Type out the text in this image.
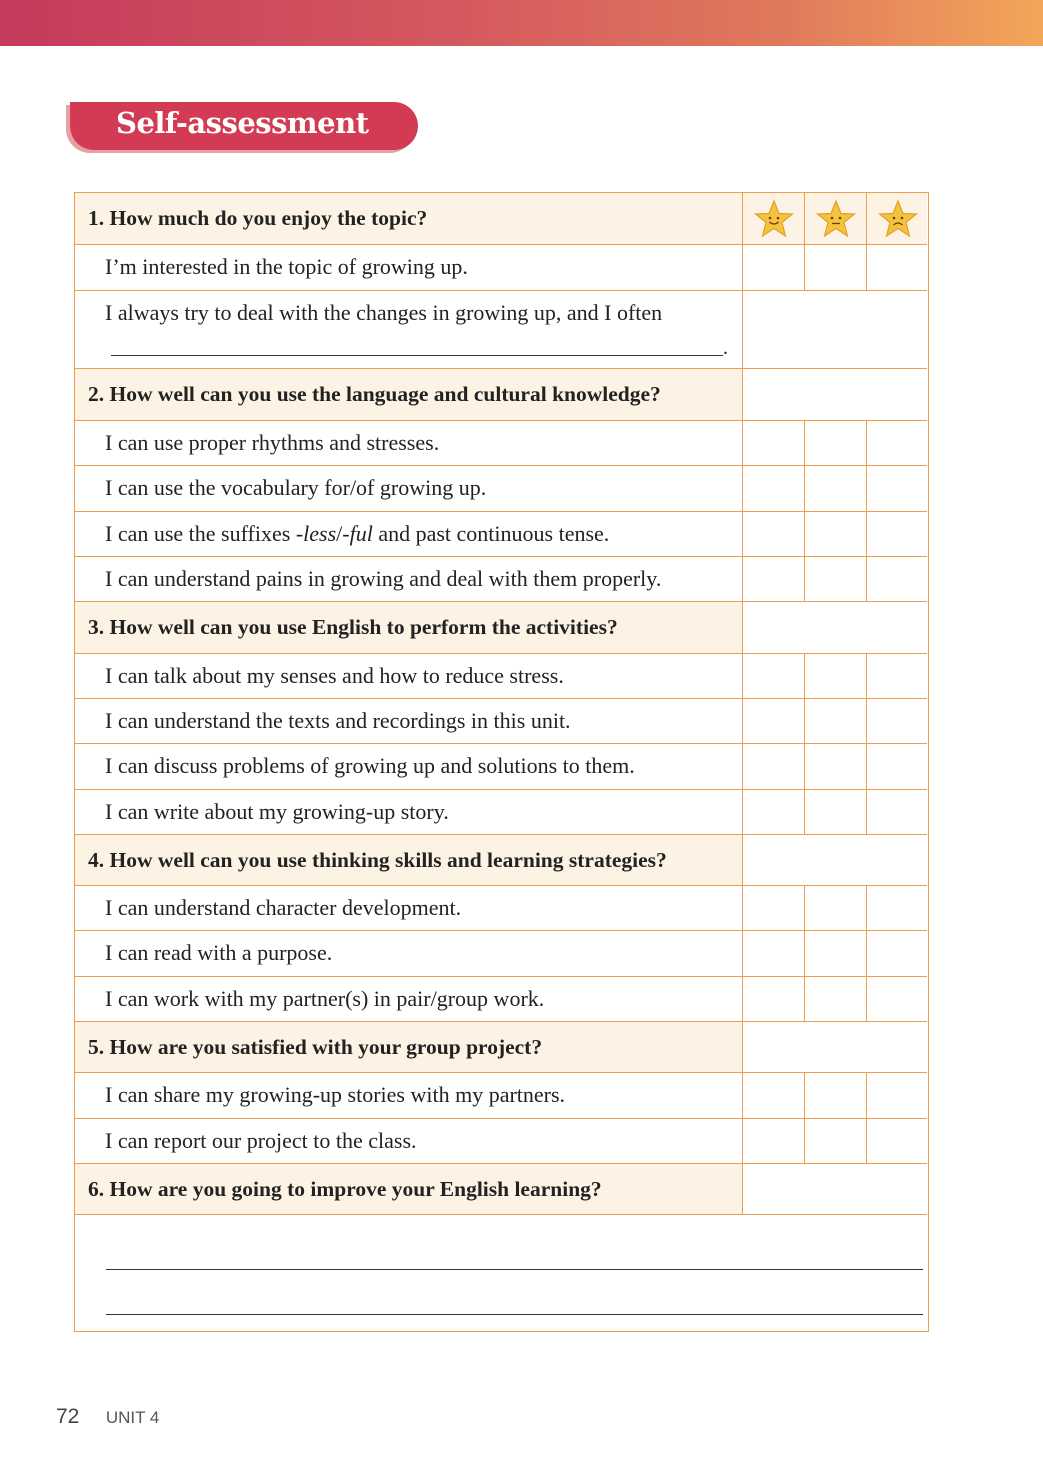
Self-assessment
1. How much do you enjoy the topic?
I’m interested in the topic of growing up.
I always try to deal with the changes in growing up, and I often
.
2. How well can you use the language and cultural knowledge?
I can use proper rhythms and stresses.
I can use the vocabulary for/of growing up.
I can use the suffixes -less/-ful and past continuous tense.
I can understand pains in growing and deal with them properly.
3. How well can you use English to perform the activities?
I can talk about my senses and how to reduce stress.
I can understand the texts and recordings in this unit.
I can discuss problems of growing up and solutions to them.
I can write about my growing-up story.
4. How well can you use thinking skills and learning strategies?
I can understand character development.
I can read with a purpose.
I can work with my partner(s) in pair/group work.
5. How are you satisfied with your group project?
I can share my growing-up stories with my partners.
I can report our project to the class.
6. How are you going to improve your English learning?
72 UNIT 4
